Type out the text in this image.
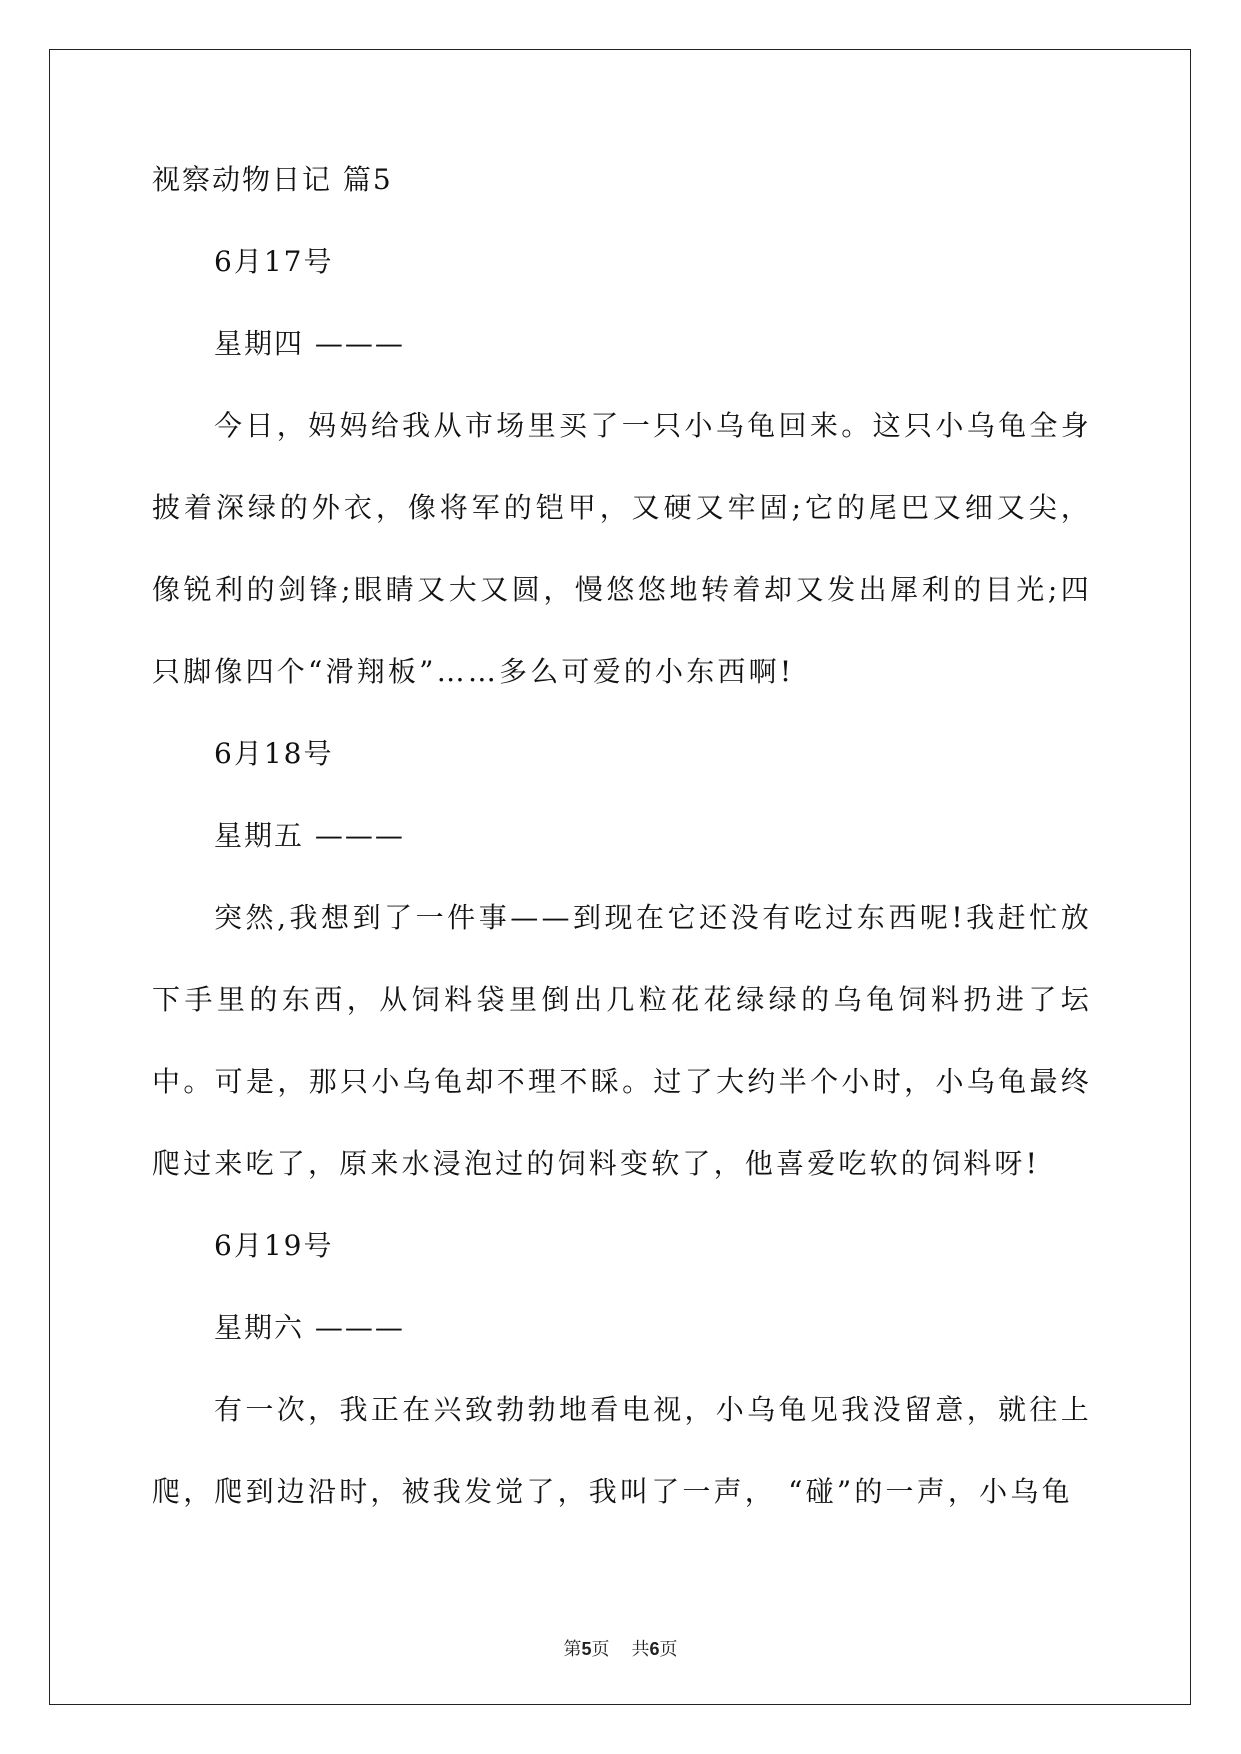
视察动物日记 篇5
6月17号
星期四 ———
今日，妈妈给我从市场里买了一只小乌龟回来。这只小乌龟全身披着深绿的外衣，像将军的铠甲，又硬又牢固;它的尾巴又细又尖，像锐利的剑锋;眼睛又大又圆，慢悠悠地转着却又发出犀利的目光;四只脚像四个“滑翔板”……多么可爱的小东西啊!
6月18号
星期五 ———
突然,我想到了一件事——到现在它还没有吃过东西呢!我赶忙放下手里的东西，从饲料袋里倒出几粒花花绿绿的乌龟饲料扔进了坛中。可是，那只小乌龟却不理不睬。过了大约半个小时，小乌龟最终爬过来吃了，原来水浸泡过的饲料变软了，他喜爱吃软的饲料呀!
6月19号
星期六 ———
有一次，我正在兴致勃勃地看电视，小乌龟见我没留意，就往上爬，爬到边沿时，被我发觉了，我叫了一声， “碰”的一声，小乌龟
第5页 共6页
